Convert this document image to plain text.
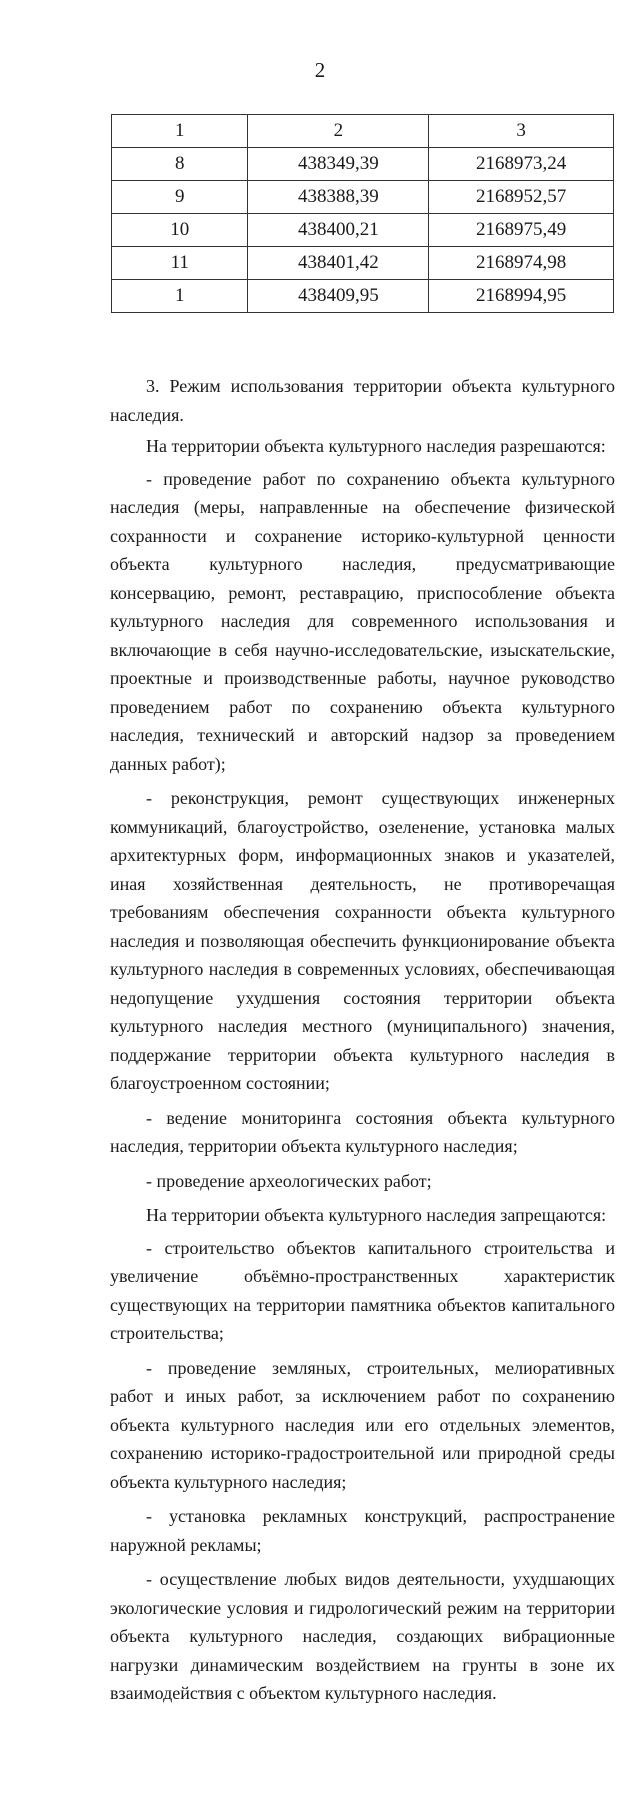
2
1	2	3
8	438349,39	2168973,24
9	438388,39	2168952,57
10	438400,21	2168975,49
11	438401,42	2168974,98
1	438409,95	2168994,95

3. Режим использования территории объекта культурного наследия.

На территории объекта культурного наследия разрешаются:

- проведение работ по сохранению объекта культурного наследия (меры, направленные на обеспечение физической сохранности и сохранение историко-культурной ценности объекта культурного наследия, предусматривающие консервацию, ремонт, реставрацию, приспособление объекта культурного наследия для современного использования и включающие в себя научно-исследовательские, изыскательские, проектные и производственные работы, научное руководство проведением работ по сохранению объекта культурного наследия, технический и авторский надзор за проведением данных работ);

- реконструкция, ремонт существующих инженерных коммуникаций, благоустройство, озеленение, установка малых архитектурных форм, информационных знаков и указателей, иная хозяйственная деятельность, не противоречащая требованиям обеспечения сохранности объекта культурного наследия и позволяющая обеспечить функционирование объекта культурного наследия в современных условиях, обеспечивающая недопущение ухудшения состояния территории объекта культурного наследия местного (муниципального) значения, поддержание территории объекта культурного наследия в благоустроенном состоянии;

- ведение мониторинга состояния объекта культурного наследия, территории объекта культурного наследия;

- проведение археологических работ;

На территории объекта культурного наследия запрещаются:

- строительство объектов капитального строительства и увеличение объёмно-пространственных характеристик существующих на территории памятника объектов капитального строительства;

- проведение земляных, строительных, мелиоративных работ и иных работ, за исключением работ по сохранению объекта культурного наследия или его отдельных элементов, сохранению историко-градостроительной или природной среды объекта культурного наследия;

- установка рекламных конструкций, распространение наружной рекламы;

- осуществление любых видов деятельности, ухудшающих экологические условия и гидрологический режим на территории объекта культурного наследия, создающих вибрационные нагрузки динамическим воздействием на грунты в зоне их взаимодействия с объектом культурного наследия.
